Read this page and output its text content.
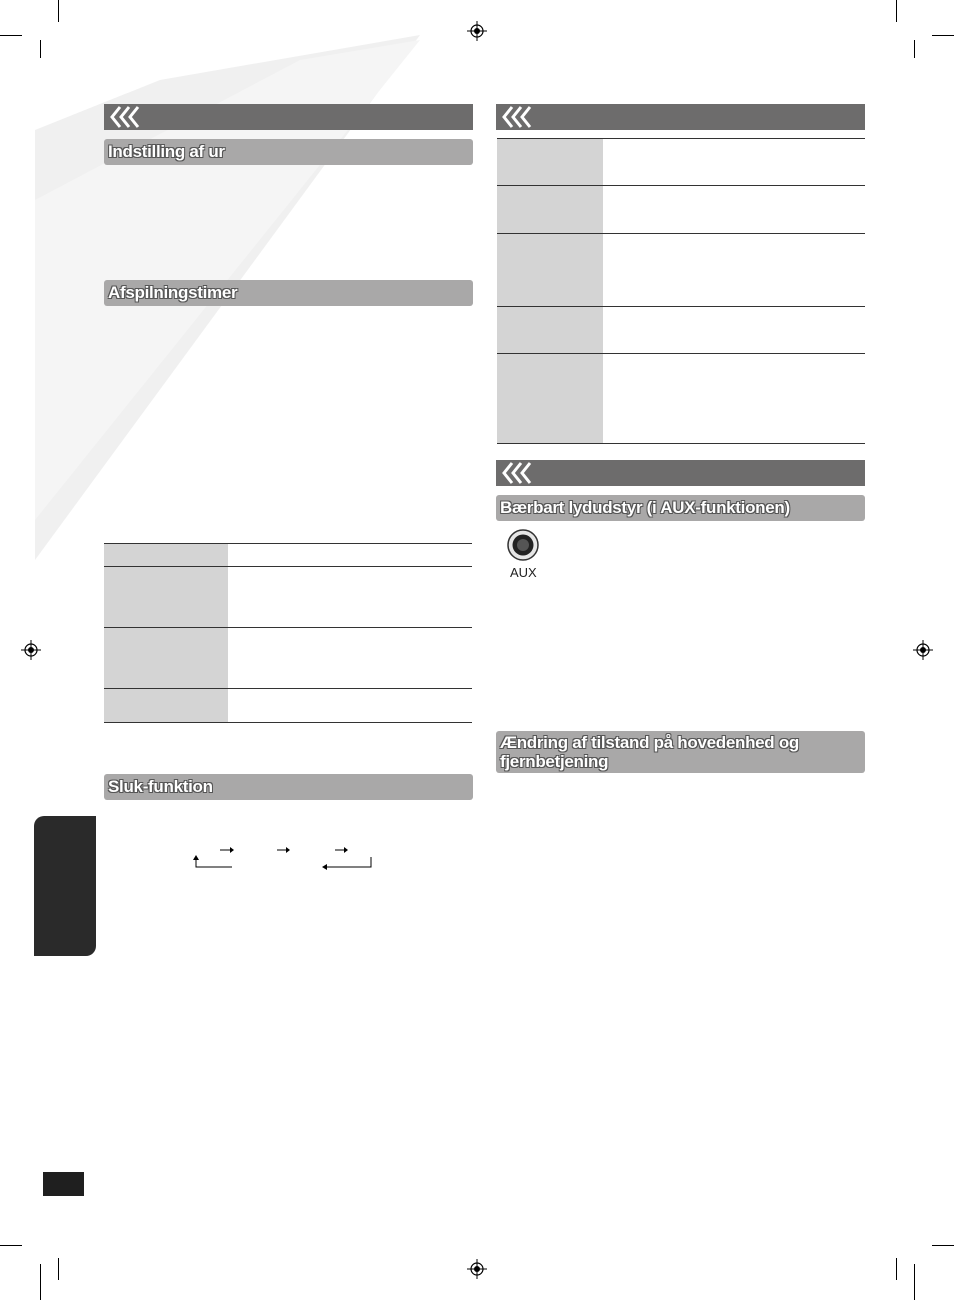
Indstilling af ur
Afspilningstimer
Sluk-funktion
Bærbart lydudstyr (i AUX-funktionen)
AUX
Ændring af tilstand på hovedenhed og fjernbetjening
